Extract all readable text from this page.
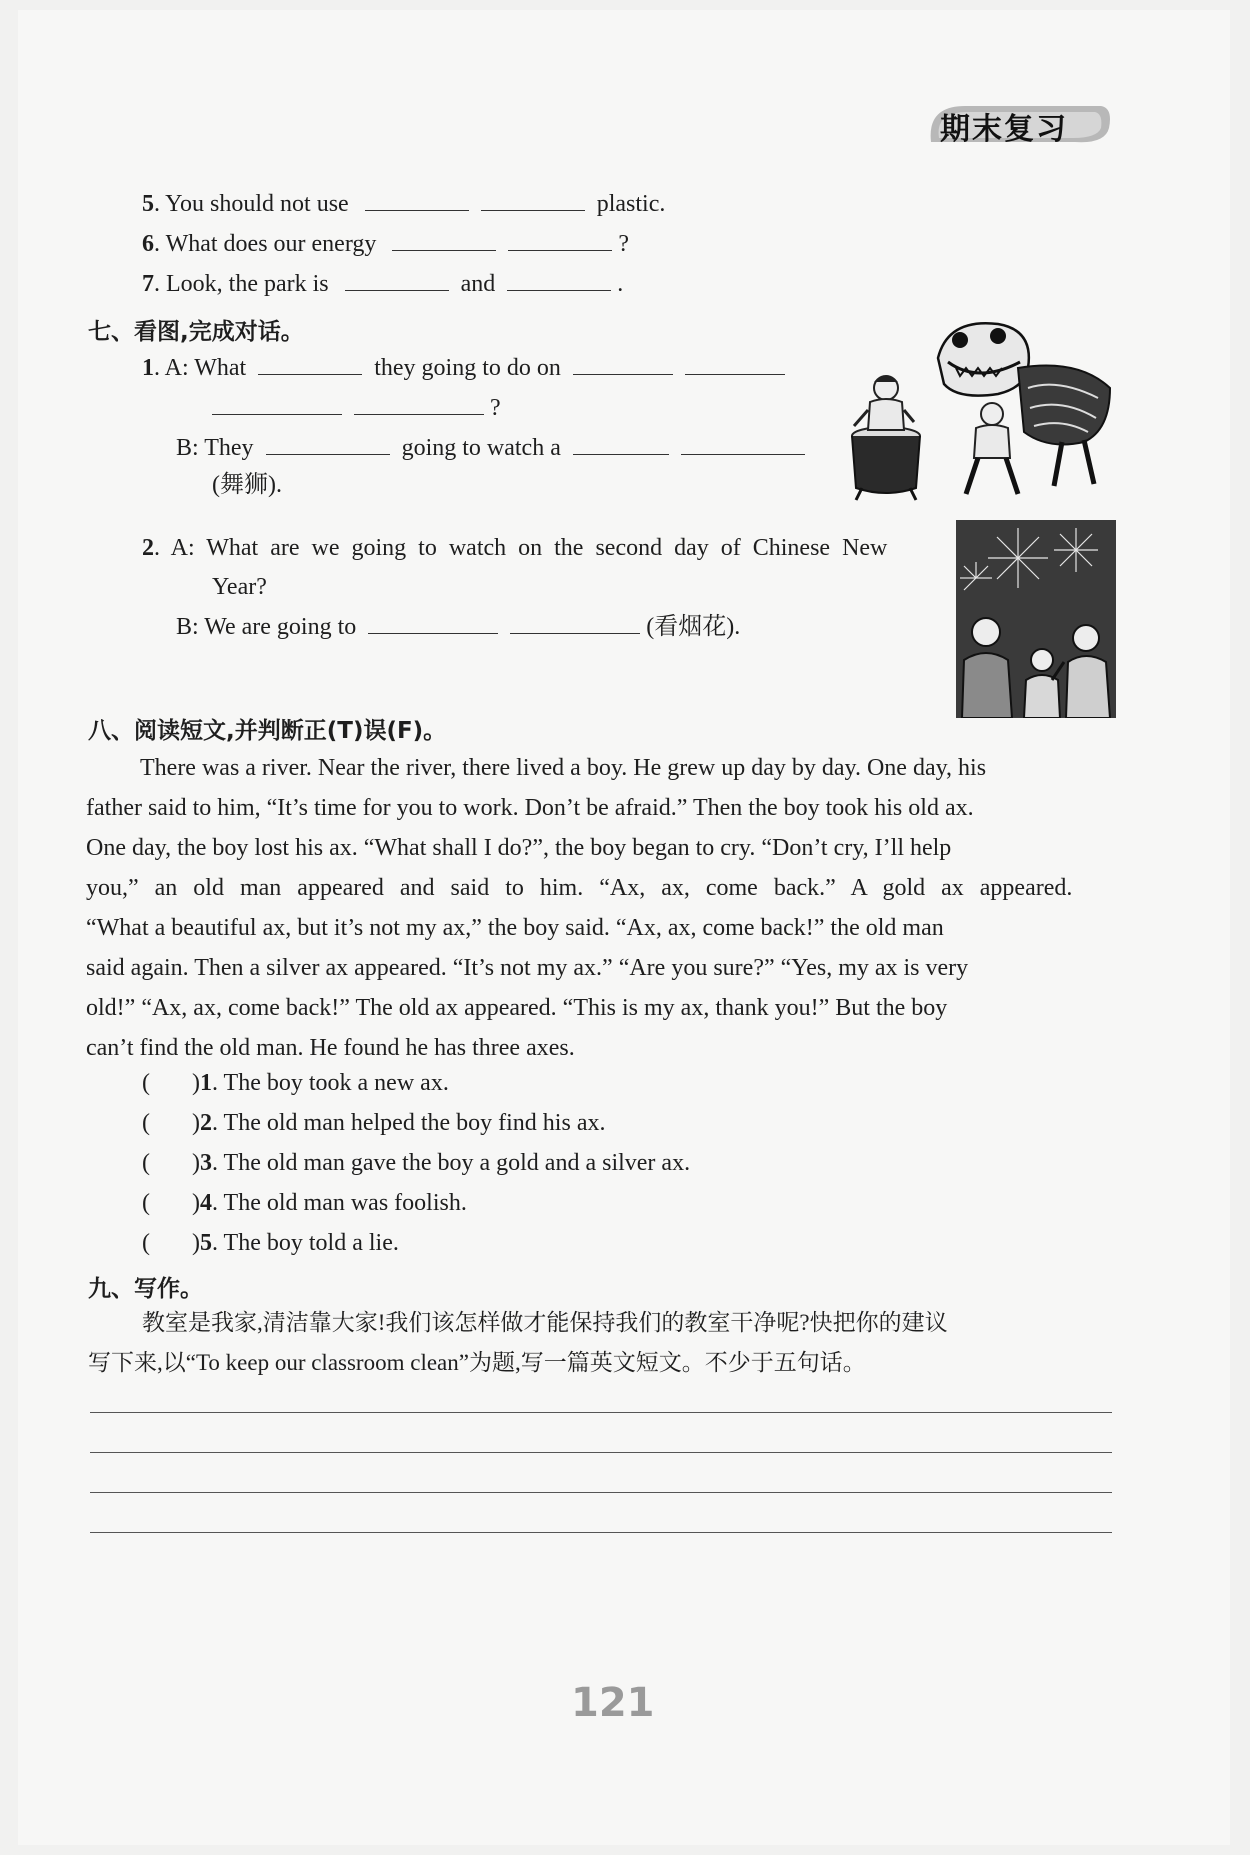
期末复习
5. You should not use	plastic.
6. What does our energy	?
7. Look, the park is	and	.
七、看图,完成对话。
1. A: What	they going to do on
?
B: They	going to watch a
(舞狮).
2. A: What are we going to watch on the second day of Chinese New
Year?
B: We are going to	(看烟花).
八、阅读短文,并判断正(T)误(F)。
There was a river. Near the river, there lived a boy. He grew up day by day. One day, his
father said to him, “It’s time for you to work. Don’t be afraid.” Then the boy took his old ax.
One day, the boy lost his ax. “What shall I do?”, the boy began to cry. “Don’t cry, I’ll help
you,” an old man appeared and said to him. “Ax, ax, come back.” A gold ax appeared.
“What a beautiful ax, but it’s not my ax,” the boy said. “Ax, ax, come back!” the old man
said again. Then a silver ax appeared. “It’s not my ax.” “Are you sure?” “Yes, my ax is very
old!” “Ax, ax, come back!” The old ax appeared. “This is my ax, thank you!” But the boy
can’t find the old man. He found he has three axes.
(       )1. The boy took a new ax.
(       )2. The old man helped the boy find his ax.
(       )3. The old man gave the boy a gold and a silver ax.
(       )4. The old man was foolish.
(       )5. The boy told a lie.
九、写作。
教室是我家,清洁靠大家!我们该怎样做才能保持我们的教室干净呢?快把你的建议
写下来,以“To keep our classroom clean”为题,写一篇英文短文。不少于五句话。
121
